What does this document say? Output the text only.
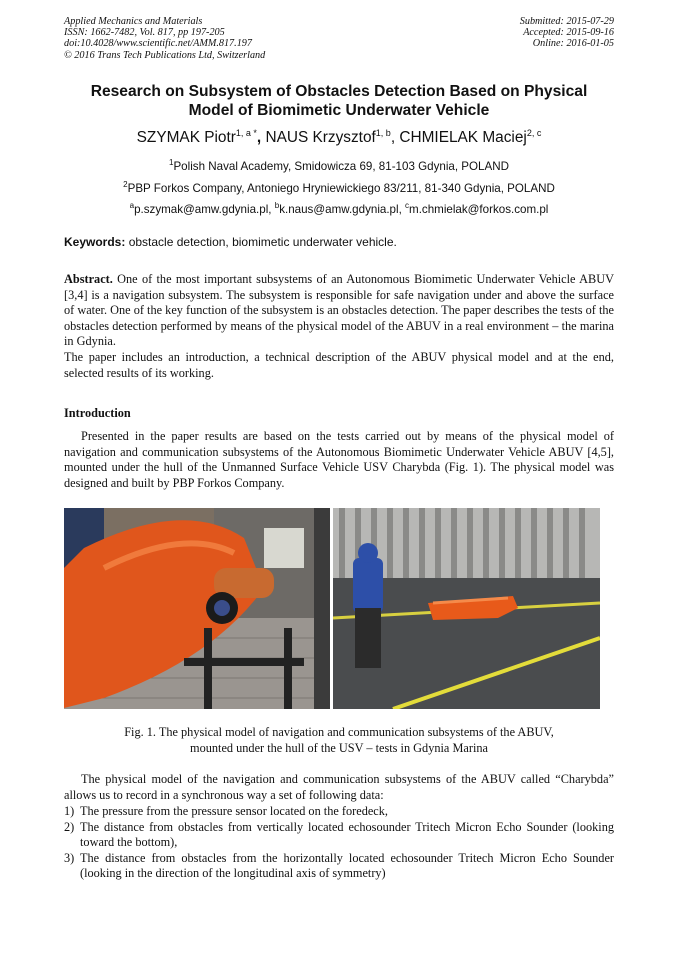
Applied Mechanics and Materials
ISSN: 1662-7482, Vol. 817, pp 197-205
doi:10.4028/www.scientific.net/AMM.817.197
© 2016 Trans Tech Publications Ltd, Switzerland
Submitted: 2015-07-29
Accepted: 2015-09-16
Online: 2016-01-05
Research on Subsystem of Obstacles Detection Based on Physical
Model of Biomimetic Underwater Vehicle
SZYMAK Piotr$^{1, a *}$, NAUS Krzysztof$^{1, b}$, CHMIELAK Maciej$^{2, c}$
$^1$Polish Naval Academy, Smidowicza 69, 81-103 Gdynia, POLAND
$^2$PBP Forkos Company, Antoniego Hryniewickiego 83/211, 81-340 Gdynia, POLAND
$^a$p.szymak@amw.gdynia.pl, $^b$k.naus@amw.gdynia.pl, $^c$m.chmielak@forkos.com.pl
Keywords: obstacle detection, biomimetic underwater vehicle.
Abstract. One of the most important subsystems of an Autonomous Biomimetic Underwater Vehicle ABUV [3,4] is a navigation subsystem. The subsystem is responsible for safe navigation under and above the surface of water. One of the key function of the subsystem is an obstacles detection. The paper describes the tests of the obstacles detection performed by means of the physical model of the ABUV in a real environment – the marina in Gdynia.
The paper includes an introduction, a technical description of the ABUV physical model and at the end, selected results of its working.
Introduction
Presented in the paper results are based on the tests carried out by means of the physical model of navigation and communication subsystems of the Autonomous Biomimetic Underwater Vehicle ABUV [4,5], mounted under the hull of the Unmanned Surface Vehicle USV Charybda (Fig. 1). The physical model was designed and built by PBP Forkos Company.
Fig. 1. The physical model of navigation and communication subsystems of the ABUV,
mounted under the hull of the USV – tests in Gdynia Marina
The physical model of the navigation and communication subsystems of the ABUV called “Charybda” allows us to record in a synchronous way a set of following data:
1) The pressure from the pressure sensor located on the foredeck,
2) The distance from obstacles from vertically located echosounder Tritech Micron Echo Sounder (looking toward the bottom),
3) The distance from obstacles from the horizontally located echosounder Tritech Micron Echo Sounder (looking in the direction of the longitudinal axis of symmetry)
